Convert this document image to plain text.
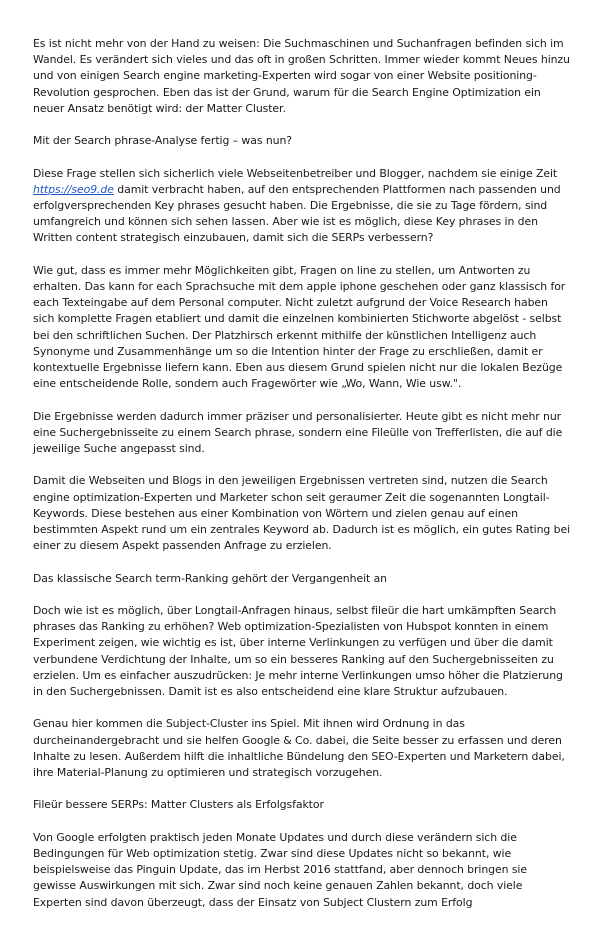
Es ist nicht mehr von der Hand zu weisen: Die Suchmaschinen und Suchanfragen befinden sich im Wandel. Es verändert sich vieles und das oft in großen Schritten. Immer wieder kommt Neues hinzu und von einigen Search engine marketing-Experten wird sogar von einer Website positioning-Revolution gesprochen. Eben das ist der Grund, warum für die Search Engine Optimization ein neuer Ansatz benötigt wird: der Matter Cluster.

Mit der Search phrase-Analyse fertig – was nun?

Diese Frage stellen sich sicherlich viele Webseitenbetreiber und Blogger, nachdem sie einige Zeit https://seo9.de damit verbracht haben, auf den entsprechenden Plattformen nach passenden und erfolgversprechenden Key phrases gesucht haben. Die Ergebnisse, die sie zu Tage fördern, sind umfangreich und können sich sehen lassen. Aber wie ist es möglich, diese Key phrases in den Written content strategisch einzubauen, damit sich die SERPs verbessern?

Wie gut, dass es immer mehr Möglichkeiten gibt, Fragen on line zu stellen, um Antworten zu erhalten. Das kann for each Sprachsuche mit dem apple iphone geschehen oder ganz klassisch for each Texteingabe auf dem Personal computer. Nicht zuletzt aufgrund der Voice Research haben sich komplette Fragen etabliert und damit die einzelnen kombinierten Stichworte abgelöst - selbst bei den schriftlichen Suchen. Der Platzhirsch erkennt mithilfe der künstlichen Intelligenz auch Synonyme und Zusammenhänge um so die Intention hinter der Frage zu erschließen, damit er kontextuelle Ergebnisse liefern kann. Eben aus diesem Grund spielen nicht nur die lokalen Bezüge eine entscheidende Rolle, sondern auch Fragewörter wie „Wo, Wann, Wie usw.".

Die Ergebnisse werden dadurch immer präziser und personalisierter. Heute gibt es nicht mehr nur eine Suchergebnisseite zu einem Search phrase, sondern eine Fileülle von Trefferlisten, die auf die jeweilige Suche angepasst sind.

Damit die Webseiten und Blogs in den jeweiligen Ergebnissen vertreten sind, nutzen die Search engine optimization-Experten und Marketer schon seit geraumer Zeit die sogenannten Longtail-Keywords. Diese bestehen aus einer Kombination von Wörtern und zielen genau auf einen bestimmten Aspekt rund um ein zentrales Keyword ab. Dadurch ist es möglich, ein gutes Rating bei einer zu diesem Aspekt passenden Anfrage zu erzielen.

Das klassische Search term-Ranking gehört der Vergangenheit an

Doch wie ist es möglich, über Longtail-Anfragen hinaus, selbst fileür die hart umkämpften Search phrases das Ranking zu erhöhen? Web optimization-Spezialisten von Hubspot konnten in einem Experiment zeigen, wie wichtig es ist, über interne Verlinkungen zu verfügen und über die damit verbundene Verdichtung der Inhalte, um so ein besseres Ranking auf den Suchergebnisseiten zu erzielen. Um es einfacher auszudrücken: Je mehr interne Verlinkungen umso höher die Platzierung in den Suchergebnissen. Damit ist es also entscheidend eine klare Struktur aufzubauen.

Genau hier kommen die Subject-Cluster ins Spiel. Mit ihnen wird Ordnung in das durcheinandergebracht und sie helfen Google & Co. dabei, die Seite besser zu erfassen und deren Inhalte zu lesen. Außerdem hilft die inhaltliche Bündelung den SEO-Experten und Marketern dabei, ihre Material-Planung zu optimieren und strategisch vorzugehen.

Fileür bessere SERPs: Matter Clusters als Erfolgsfaktor

Von Google erfolgten praktisch jeden Monate Updates und durch diese verändern sich die Bedingungen für Web optimization stetig. Zwar sind diese Updates nicht so bekannt, wie beispielsweise das Pinguin Update, das im Herbst 2016 stattfand, aber dennoch bringen sie gewisse Auswirkungen mit sich. Zwar sind noch keine genauen Zahlen bekannt, doch viele Experten sind davon überzeugt, dass der Einsatz von Subject Clustern zum Erfolg
